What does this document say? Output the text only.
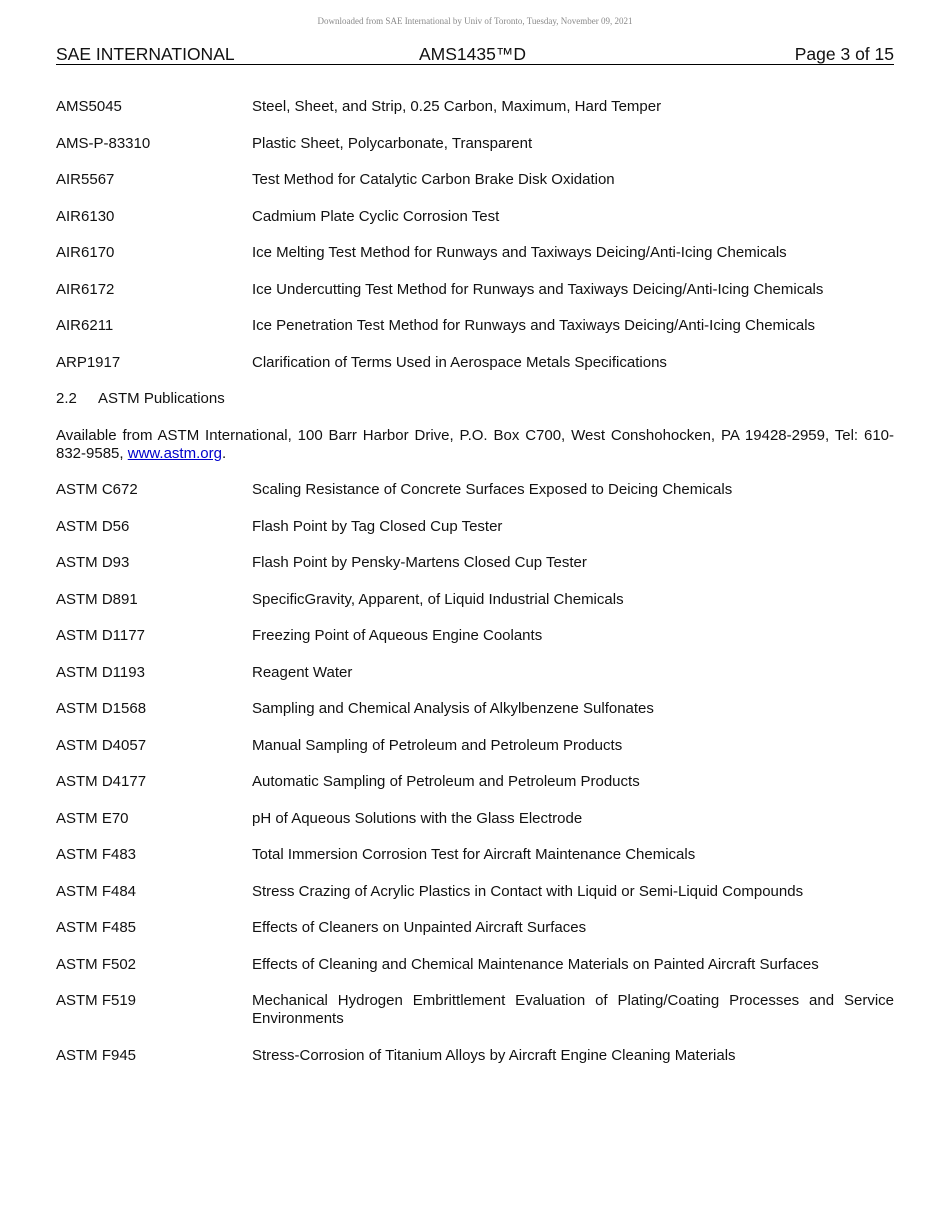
Downloaded from SAE International by Univ of Toronto, Tuesday, November 09, 2021
SAE INTERNATIONAL	AMS1435™D	Page 3 of 15
AMS5045	Steel, Sheet, and Strip, 0.25 Carbon, Maximum, Hard Temper
AMS-P-83310	Plastic Sheet, Polycarbonate, Transparent
AIR5567	Test Method for Catalytic Carbon Brake Disk Oxidation
AIR6130	Cadmium Plate Cyclic Corrosion Test
AIR6170	Ice Melting Test Method for Runways and Taxiways Deicing/Anti-Icing Chemicals
AIR6172	Ice Undercutting Test Method for Runways and Taxiways Deicing/Anti-Icing Chemicals
AIR6211	Ice Penetration Test Method for Runways and Taxiways Deicing/Anti-Icing Chemicals
ARP1917	Clarification of Terms Used in Aerospace Metals Specifications
2.2	ASTM Publications
Available from ASTM International, 100 Barr Harbor Drive, P.O. Box C700, West Conshohocken, PA 19428-2959, Tel: 610-832-9585, www.astm.org.
ASTM C672	Scaling Resistance of Concrete Surfaces Exposed to Deicing Chemicals
ASTM D56	Flash Point by Tag Closed Cup Tester
ASTM D93	Flash Point by Pensky-Martens Closed Cup Tester
ASTM D891	SpecificGravity, Apparent, of Liquid Industrial Chemicals
ASTM D1177	Freezing Point of Aqueous Engine Coolants
ASTM D1193	Reagent Water
ASTM D1568	Sampling and Chemical Analysis of Alkylbenzene Sulfonates
ASTM D4057	Manual Sampling of Petroleum and Petroleum Products
ASTM D4177	Automatic Sampling of Petroleum and Petroleum Products
ASTM E70	pH of Aqueous Solutions with the Glass Electrode
ASTM F483	Total Immersion Corrosion Test for Aircraft Maintenance Chemicals
ASTM F484	Stress Crazing of Acrylic Plastics in Contact with Liquid or Semi-Liquid Compounds
ASTM F485	Effects of Cleaners on Unpainted Aircraft Surfaces
ASTM F502	Effects of Cleaning and Chemical Maintenance Materials on Painted Aircraft Surfaces
ASTM F519	Mechanical Hydrogen Embrittlement Evaluation of Plating/Coating Processes and Service Environments
ASTM F945	Stress-Corrosion of Titanium Alloys by Aircraft Engine Cleaning Materials
